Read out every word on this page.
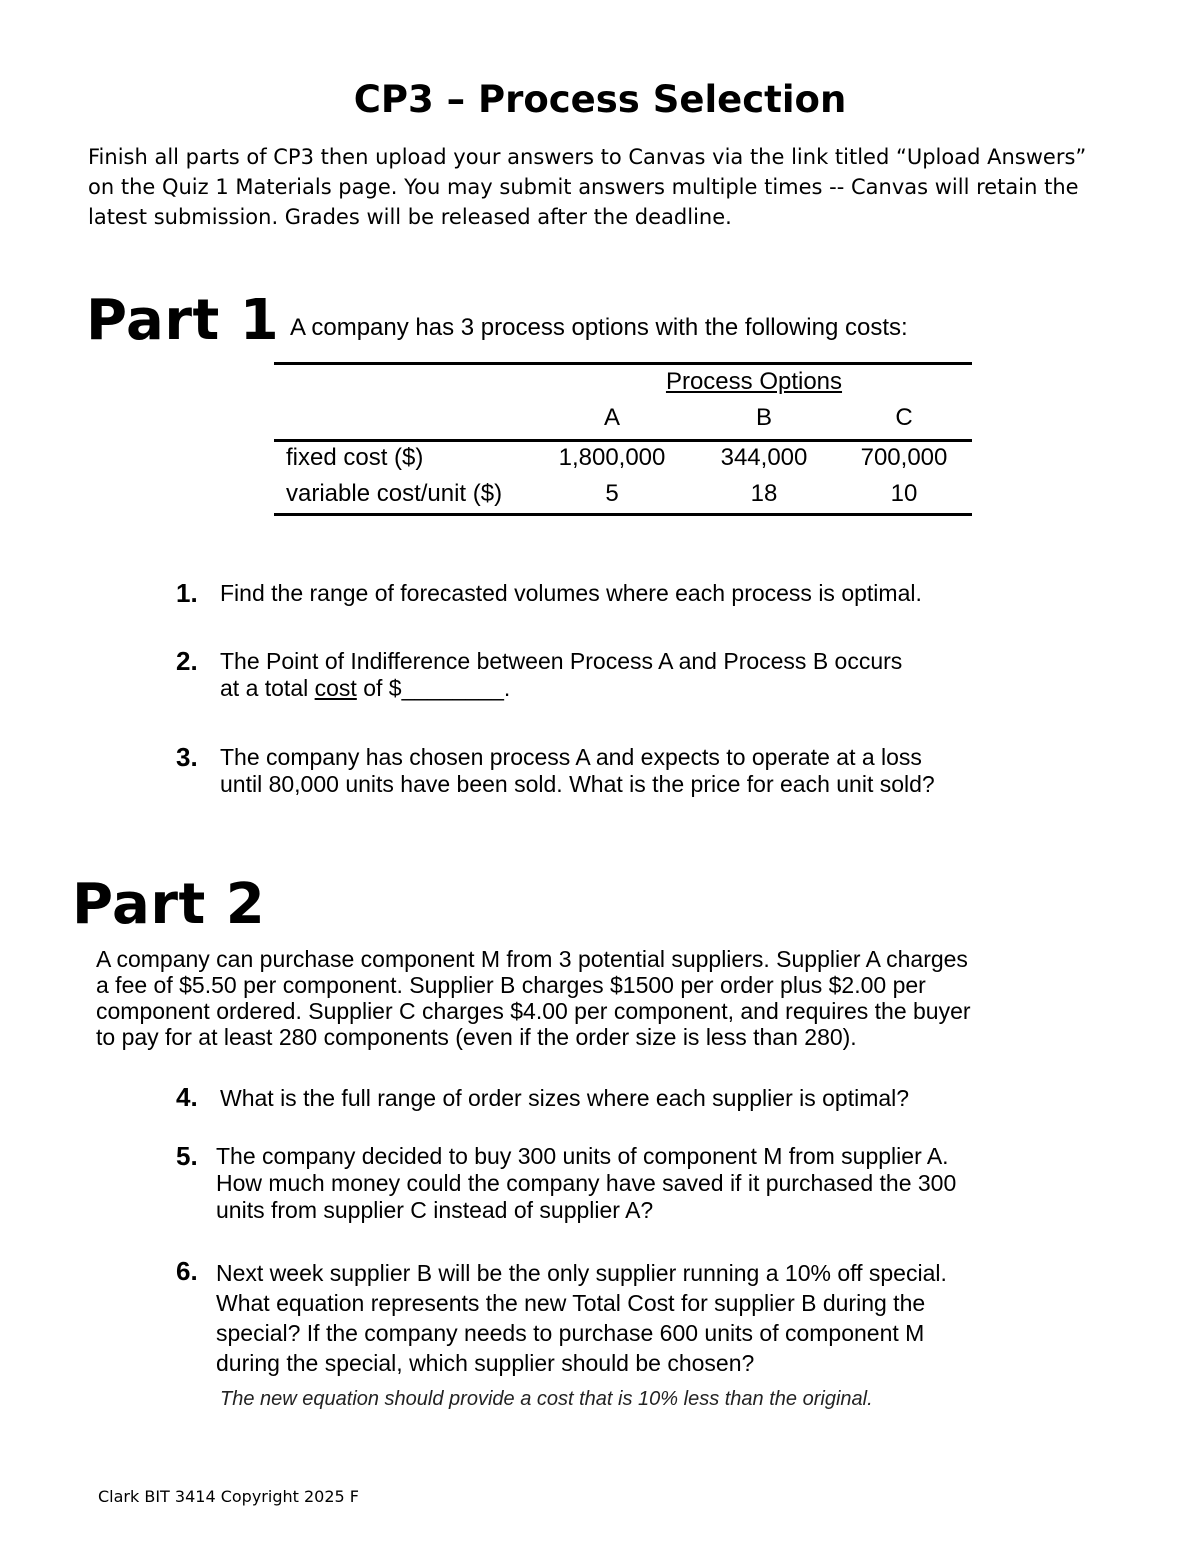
CP3 – Process Selection
Finish all parts of CP3 then upload your answers to Canvas via the link titled “Upload Answers” on the Quiz 1 Materials page. You may submit answers multiple times -- Canvas will retain the latest submission. Grades will be released after the deadline.
Part 1 A company has 3 process options with the following costs:
Process Options
A	B	C
fixed cost ($)	1,800,000	344,000	700,000
variable cost/unit ($)	5	18	10
1. Find the range of forecasted volumes where each process is optimal.
2. The Point of Indifference between Process A and Process B occurs
at a total cost of $________.
3. The company has chosen process A and expects to operate at a loss
until 80,000 units have been sold. What is the price for each unit sold?
Part 2
A company can purchase component M from 3 potential suppliers. Supplier A charges
a fee of $5.50 per component. Supplier B charges $1500 per order plus $2.00 per
component ordered. Supplier C charges $4.00 per component, and requires the buyer
to pay for at least 280 components (even if the order size is less than 280).
4. What is the full range of order sizes where each supplier is optimal?
5. The company decided to buy 300 units of component M from supplier A.
How much money could the company have saved if it purchased the 300
units from supplier C instead of supplier A?
6. Next week supplier B will be the only supplier running a 10% off special.
What equation represents the new Total Cost for supplier B during the
special? If the company needs to purchase 600 units of component M
during the special, which supplier should be chosen?
The new equation should provide a cost that is 10% less than the original.
Clark BIT 3414 Copyright 2025 F
